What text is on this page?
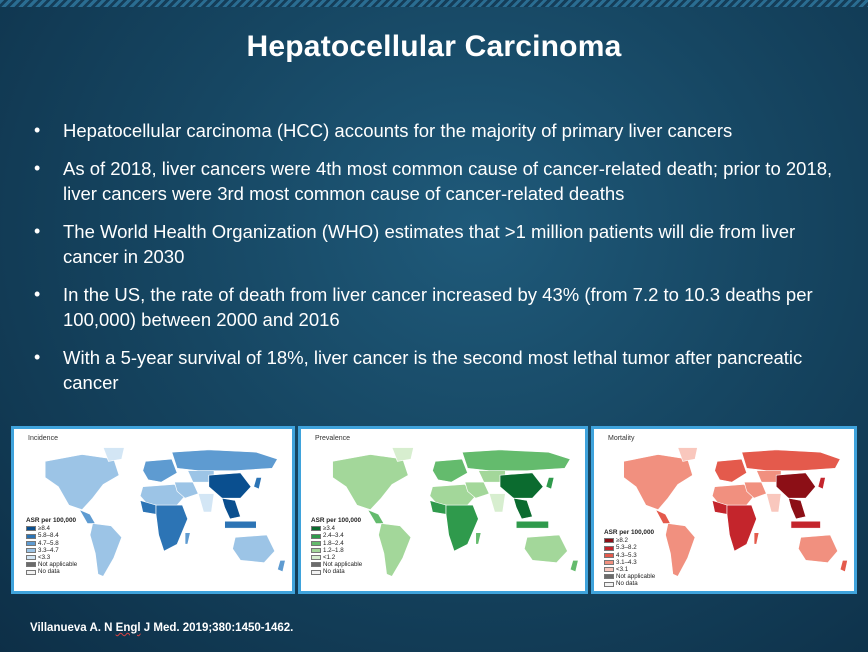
Hepatocellular Carcinoma
• Hepatocellular carcinoma (HCC) accounts for the majority of primary liver cancers
• As of 2018, liver cancers were 4th most common cause of cancer-related death; prior to 2018, liver cancers were 3rd most common cause of cancer-related deaths
• The World Health Organization (WHO) estimates that >1 million patients will die from liver cancer in 2030
• In the US, the rate of death from liver cancer increased by 43% (from 7.2 to 10.3 deaths per 100,000) between 2000 and 2016
• With a 5-year survival of 18%, liver cancer is the second most lethal tumor after pancreatic cancer
Incidence
ASR per 100,000
≥8.4
5.8–8.4
4.7–5.8
3.3–4.7
<3.3
Not applicable
No data
Prevalence
ASR per 100,000
≥3.4
2.4–3.4
1.8–2.4
1.2–1.8
<1.2
Not applicable
No data
Mortality
ASR per 100,000
≥8.2
5.3–8.2
4.3–5.3
3.1–4.3
<3.1
Not applicable
No data
Villanueva A. N Engl J Med. 2019;380:1450-1462.
